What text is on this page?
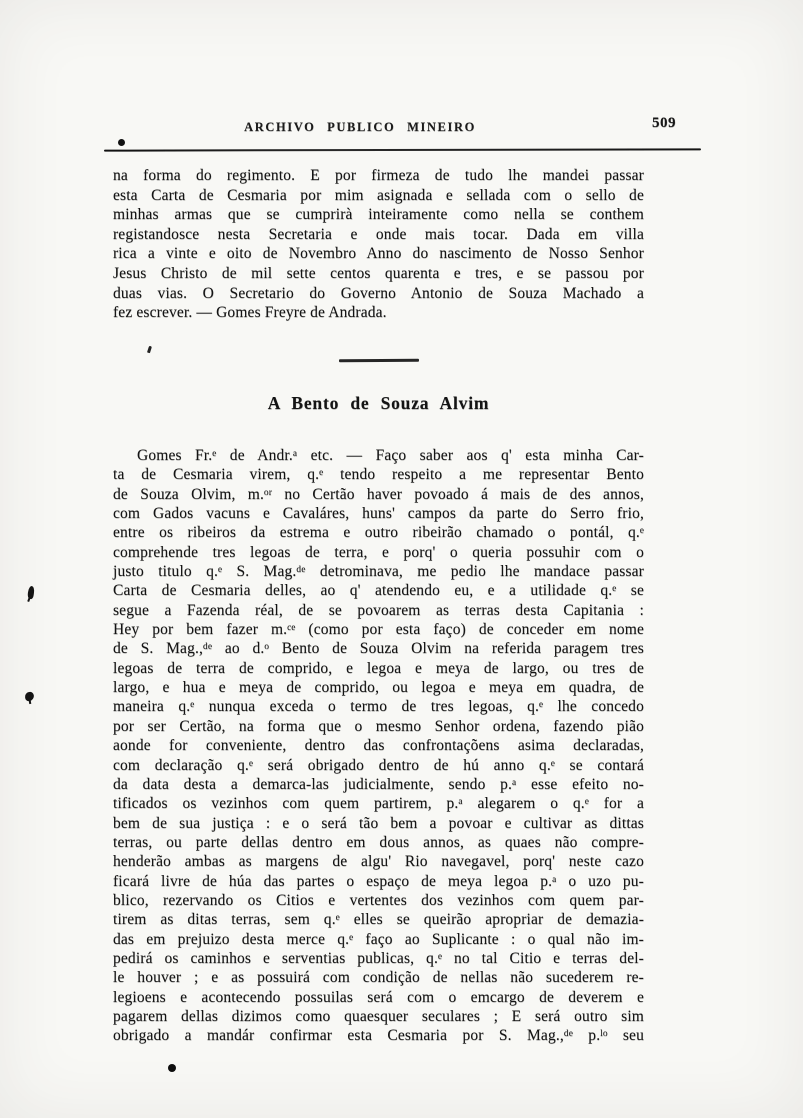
ARCHIVO PUBLICO MINEIRO	509
na forma do regimento. E por firmeza de tudo lhe mandei passar
esta Carta de Cesmaria por mim asignada e sellada com o sello de
minhas armas que se cumprirà inteiramente como nella se conthem
registandosce nesta Secretaria e onde mais tocar. Dada em villa
rica a vinte e oito de Novembro Anno do nascimento de Nosso Senhor
Jesus Christo de mil sette centos quarenta e tres, e se passou por
duas vias. O Secretario do Governo Antonio de Souza Machado a
fez escrever. — Gomes Freyre de Andrada.
A Bento de Souza Alvim
Gomes Fr.ᵉ de Andr.ᵃ etc. — Faço saber aos q' esta minha Car-
ta de Cesmaria virem, q.ᵉ tendo respeito a me representar Bento
de Souza Olvim, m.ᵒʳ no Certão haver povoado á mais de des annos,
com Gados vacuns e Cavaláres, huns' campos da parte do Serro frio,
entre os ribeiros da estrema e outro ribeirão chamado o pontál, q.ᵉ
comprehende tres legoas de terra, e porq' o queria possuhir com o
justo titulo q.ᵉ S. Mag.ᵈᵉ detrominava, me pedio lhe mandace passar
Carta de Cesmaria delles, ao q' atendendo eu, e a utilidade q.ᵉ se
segue a Fazenda réal, de se povoarem as terras desta Capitania :
Hey por bem fazer m.ᶜᵉ (como por esta faço) de conceder em nome
de S. Mag.,ᵈᵉ ao d.ᵒ Bento de Souza Olvim na referida paragem tres
legoas de terra de comprido, e legoa e meya de largo, ou tres de
largo, e hua e meya de comprido, ou legoa e meya em quadra, de
maneira q.ᵉ nunqua exceda o termo de tres legoas, q.ᵉ lhe concedo
por ser Certão, na forma que o mesmo Senhor ordena, fazendo pião
aonde for conveniente, dentro das confrontaçõens asima declaradas,
com declaração q.ᵉ será obrigado dentro de hú anno q.ᵉ se contará
da data desta a demarca-las judicialmente, sendo p.ᵃ esse efeito no-
tificados os vezinhos com quem partirem, p.ᵃ alegarem o q.ᵉ for a
bem de sua justiça : e o será tão bem a povoar e cultivar as dittas
terras, ou parte dellas dentro em dous annos, as quaes não compre-
henderão ambas as margens de algu' Rio navegavel, porq' neste cazo
ficará livre de húa das partes o espaço de meya legoa p.ᵃ o uzo pu-
blico, rezervando os Citios e vertentes dos vezinhos com quem par-
tirem as ditas terras, sem q.ᵉ elles se queirão apropriar de demazia-
das em prejuizo desta merce q.ᵉ faço ao Suplicante : o qual não im-
pedirá os caminhos e serventias publicas, q.ᵉ no tal Citio e terras del-
le houver ; e as possuirá com condição de nellas não sucederem re-
legioens e acontecendo possuilas será com o emcargo de deverem e
pagarem dellas dizimos como quaesquer seculares ; E será outro sim
obrigado a mandár confirmar esta Cesmaria por S. Mag.,ᵈᵉ p.ˡᵒ seu
